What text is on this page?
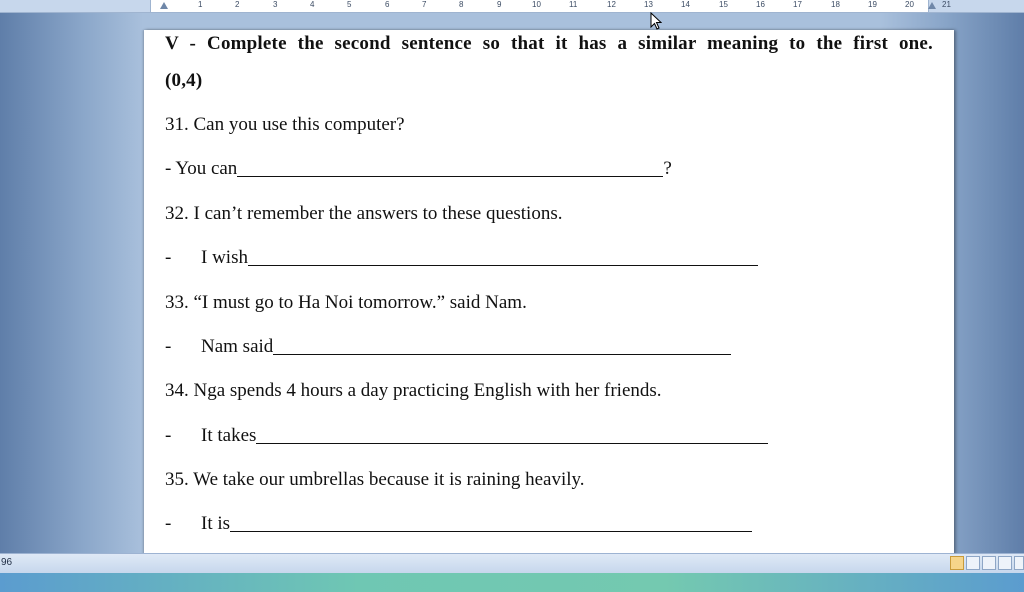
1	2	3	4	5	6	7	8	9	10	11	12	13	14	15	16	17	18	19	20	21
V - Complete the second sentence so that it has a similar meaning to the first one.
(0,4)
31. Can you use this computer?
- You can	?
32. I can’t remember the answers to these questions.
- I wish
33. “I must go to Ha Noi tomorrow.” said Nam.
- Nam said
34. Nga spends 4 hours a day practicing English with her friends.
- It takes
35. We take our umbrellas because it is raining heavily.
- It is
96
